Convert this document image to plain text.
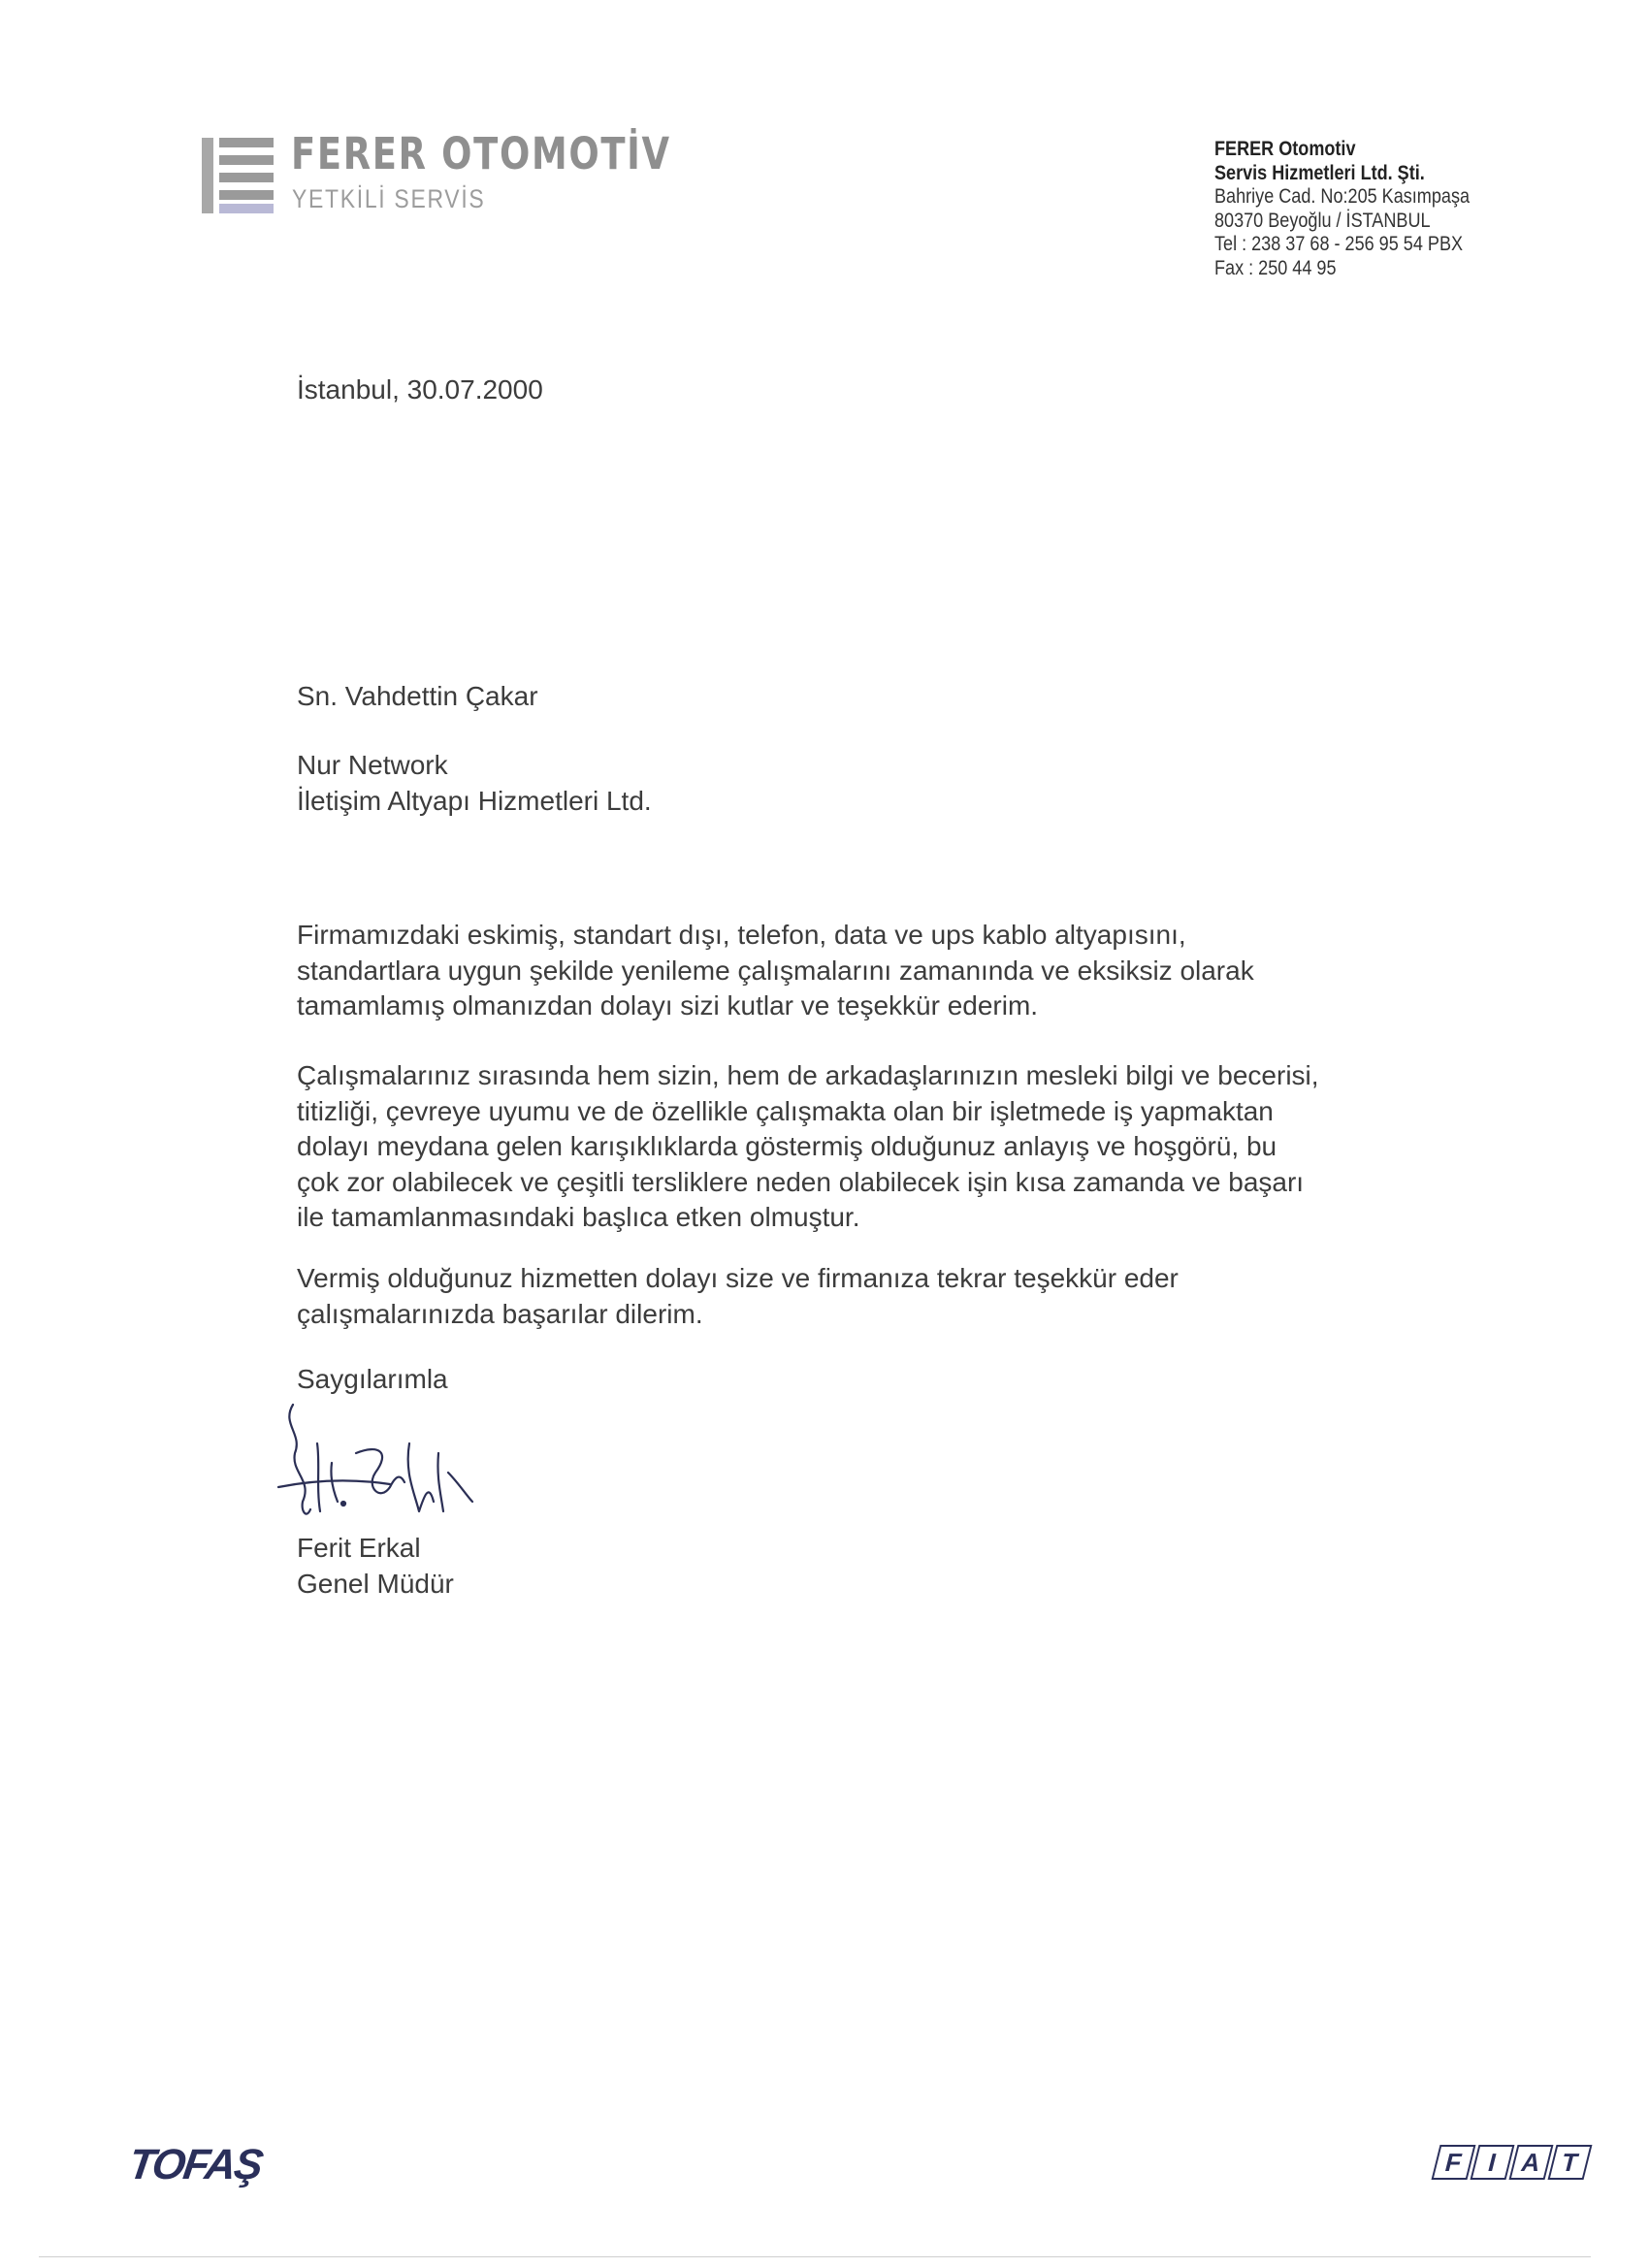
FERER OTOMOTİV
YETKİLİ SERVİS
FERER Otomotiv
Servis Hizmetleri Ltd. Şti.
Bahriye Cad. No:205 Kasımpaşa
80370 Beyoğlu / İSTANBUL
Tel : 238 37 68 - 256 95 54 PBX
Fax : 250 44 95
İstanbul, 30.07.2000
Sn. Vahdettin Çakar
Nur Network
İletişim Altyapı Hizmetleri Ltd.
Firmamızdaki eskimiş, standart dışı, telefon, data ve ups kablo altyapısını,
standartlara uygun şekilde yenileme çalışmalarını zamanında ve eksiksiz olarak
tamamlamış olmanızdan dolayı sizi kutlar ve teşekkür ederim.
Çalışmalarınız sırasında hem sizin, hem de arkadaşlarınızın mesleki bilgi ve becerisi,
titizliği, çevreye uyumu ve de özellikle çalışmakta olan bir işletmede iş yapmaktan
dolayı meydana gelen karışıklıklarda göstermiş olduğunuz anlayış ve hoşgörü, bu
çok zor olabilecek ve çeşitli tersliklere neden olabilecek işin kısa zamanda ve başarı
ile tamamlanmasındaki başlıca etken olmuştur.
Vermiş olduğunuz hizmetten dolayı size ve firmanıza tekrar teşekkür eder
çalışmalarınızda başarılar dilerim.
Saygılarımla
Ferit Erkal
Genel Müdür
TOFAŞ	F I A T
